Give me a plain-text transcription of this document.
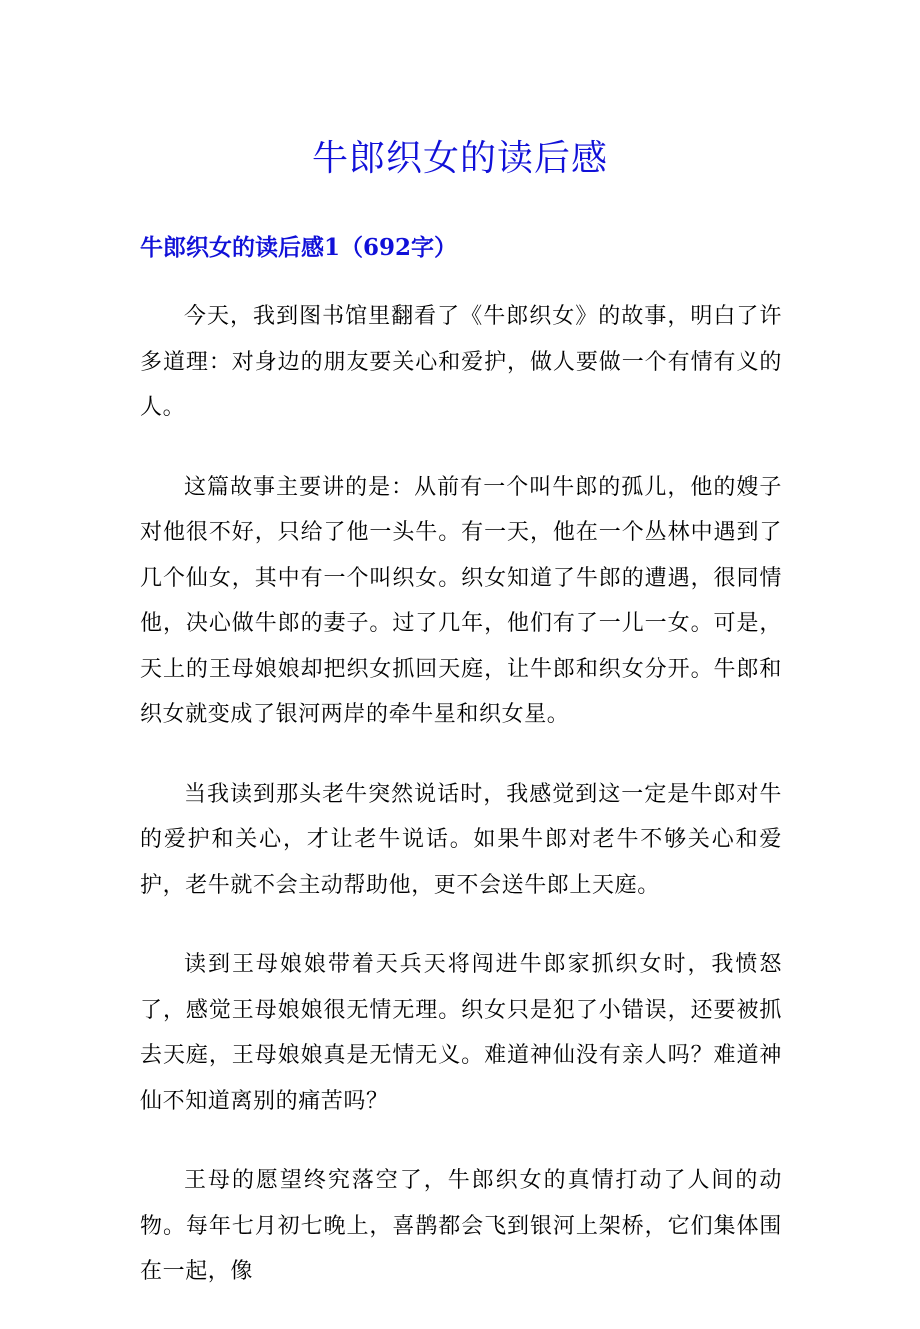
牛郎织女的读后感
牛郎织女的读后感1（692字）

今天，我到图书馆里翻看了《牛郎织女》的故事，明白了许多道理：对身边的朋友要关心和爱护，做人要做一个有情有义的人。

这篇故事主要讲的是：从前有一个叫牛郎的孤儿，他的嫂子对他很不好，只给了他一头牛。有一天，他在一个丛林中遇到了几个仙女，其中有一个叫织女。织女知道了牛郎的遭遇，很同情他，决心做牛郎的妻子。过了几年，他们有了一儿一女。可是，天上的王母娘娘却把织女抓回天庭，让牛郎和织女分开。牛郎和织女就变成了银河两岸的牵牛星和织女星。

当我读到那头老牛突然说话时，我感觉到这一定是牛郎对牛的爱护和关心，才让老牛说话。如果牛郎对老牛不够关心和爱护，老牛就不会主动帮助他，更不会送牛郎上天庭。

读到王母娘娘带着天兵天将闯进牛郎家抓织女时，我愤怒了，感觉王母娘娘很无情无理。织女只是犯了小错误，还要被抓去天庭，王母娘娘真是无情无义。难道神仙没有亲人吗？难道神仙不知道离别的痛苦吗？

王母的愿望终究落空了，牛郎织女的真情打动了人间的动物。每年七月初七晚上，喜鹊都会飞到银河上架桥，它们集体围在一起，像
